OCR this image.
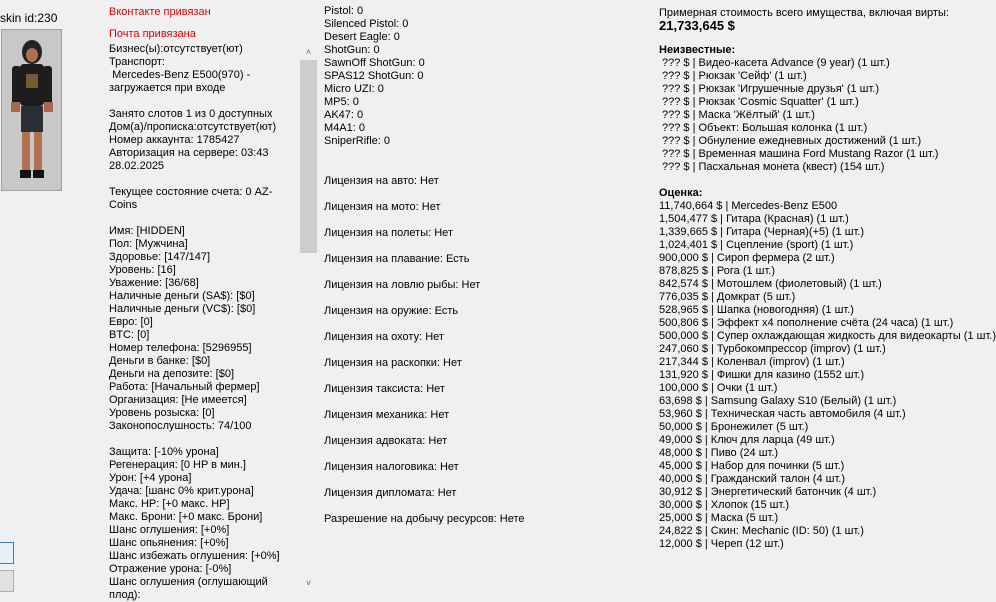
skin id:230	Вконтакте привязан
Почта привязана
Бизнес(ы):отсутствует(ют)
Транспорт:
Mercedes-Benz E500(970) -
загружается при входе
Занято слотов 1 из 0 доступных
Дом(а)/прописка:отсутствует(ют)
Номер аккаунта: 1785427
Авторизация на сервере: 03:43
28.02.2025
Текущее состояние счета: 0 AZ-
Coins
Имя: [HIDDEN]
Пол: [Мужчина]
Здоровье: [147/147]
Уровень: [16]
Уважение: [36/68]
Наличные деньги (SA$): [$0]
Наличные деньги (VC$): [$0]
Евро: [0]
BTC: [0]
Номер телефона: [5296955]
Деньги в банке: [$0]
Деньги на депозите: [$0]
Работа: [Начальный фермер]
Организация: [Не имеется]
Уровень розыска: [0]
Законопослушность: 74/100
Защита: [-10% урона]
Регенерация: [0 HP в мин.]
Урон: [+4 урона]
Удача: [шанс 0% крит.урона]
Макс. HP: [+0 макс. HP]
Макс. Брони: [+0 макс. Брони]
Шанс оглушения: [+0%]
Шанс опьянения: [+0%]
Шанс избежать оглушения: [+0%]
Отражение урона: [-0%]
Шанс оглушения (оглушающий плод):
˄
˅
Pistol: 0
Silenced Pistol: 0
Desert Eagle: 0
ShotGun: 0
SawnOff ShotGun: 0
SPAS12 ShotGun: 0
Micro UZI: 0
MP5: 0
AK47: 0
M4A1: 0
SniperRifle: 0
Лицензия на авто: Нет
Лицензия на мото: Нет
Лицензия на полеты: Нет
Лицензия на плавание: Есть
Лицензия на ловлю рыбы: Нет
Лицензия на оружие: Есть
Лицензия на охоту: Нет
Лицензия на раскопки: Нет
Лицензия таксиста: Нет
Лицензия механика: Нет
Лицензия адвоката: Нет
Лицензия налоговика: Нет
Лицензия дипломата: Нет
Разрешение на добычу ресурсов: Нете
Примерная стоимость всего имущества, включая вирты:
21,733,645 $
Неизвестные:
??? $ | Видео-касета Advance (9 year) (1 шт.)
??? $ | Рюкзак 'Сейф' (1 шт.)
??? $ | Рюкзак 'Игрушечные друзья' (1 шт.)
??? $ | Рюкзак 'Cosmic Squatter' (1 шт.)
??? $ | Маска 'Жёлтый' (1 шт.)
??? $ | Объект: Большая колонка (1 шт.)
??? $ | Обнуление ежедневных достижений (1 шт.)
??? $ | Временная машина Ford Mustang Razor (1 шт.)
??? $ | Пасхальная монета (квест) (154 шт.)
Оценка:
11,740,664 $ | Mercedes-Benz E500
1,504,477 $ | Гитара (Красная) (1 шт.)
1,339,665 $ | Гитара (Черная)(+5) (1 шт.)
1,024,401 $ | Сцепление (sport) (1 шт.)
900,000 $ | Сироп фермера (2 шт.)
878,825 $ | Рога (1 шт.)
842,574 $ | Мотошлем (фиолетовый) (1 шт.)
776,035 $ | Домкрат (5 шт.)
528,965 $ | Шапка (новогодняя) (1 шт.)
500,806 $ | Эффект x4 пополнение счёта (24 часа) (1 шт.)
500,000 $ | Супер охлаждающая жидкость для видеокарты (1 шт.)
247,060 $ | Турбокомпрессор (improv) (1 шт.)
217,344 $ | Коленвал (improv) (1 шт.)
131,920 $ | Фишки для казино (1552 шт.)
100,000 $ | Очки (1 шт.)
63,698 $ | Samsung Galaxy S10 (Белый) (1 шт.)
53,960 $ | Техническая часть автомобиля (4 шт.)
50,000 $ | Бронежилет (5 шт.)
49,000 $ | Ключ для ларца (49 шт.)
48,000 $ | Пиво (24 шт.)
45,000 $ | Набор для починки (5 шт.)
40,000 $ | Гражданский талон (4 шт.)
30,912 $ | Энергетический батончик (4 шт.)
30,000 $ | Хлопок (15 шт.)
25,000 $ | Маска (5 шт.)
24,822 $ | Скин: Mechanic (ID: 50) (1 шт.)
12,000 $ | Череп (12 шт.)
